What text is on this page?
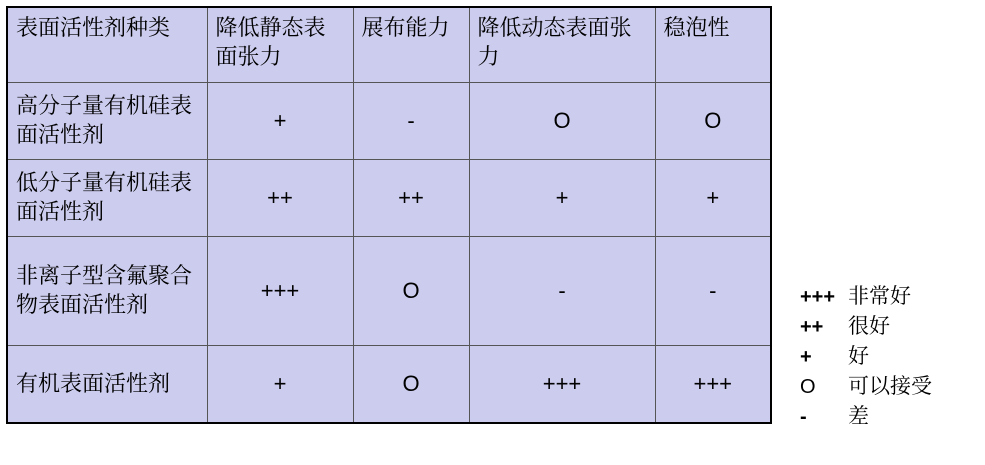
表面活性剂种类	降低静态表面张力	展布能力	降低动态表面张力	稳泡性
高分子量有机硅表面活性剂	+	-	O	O
低分子量有机硅表面活性剂	++	++	+	+
非离子型含氟聚合物表面活性剂	+++	O	-	-
有机表面活性剂	+	O	+++	+++
+++ 非常好
++	很好
+	好
O	可以接受
-	差
